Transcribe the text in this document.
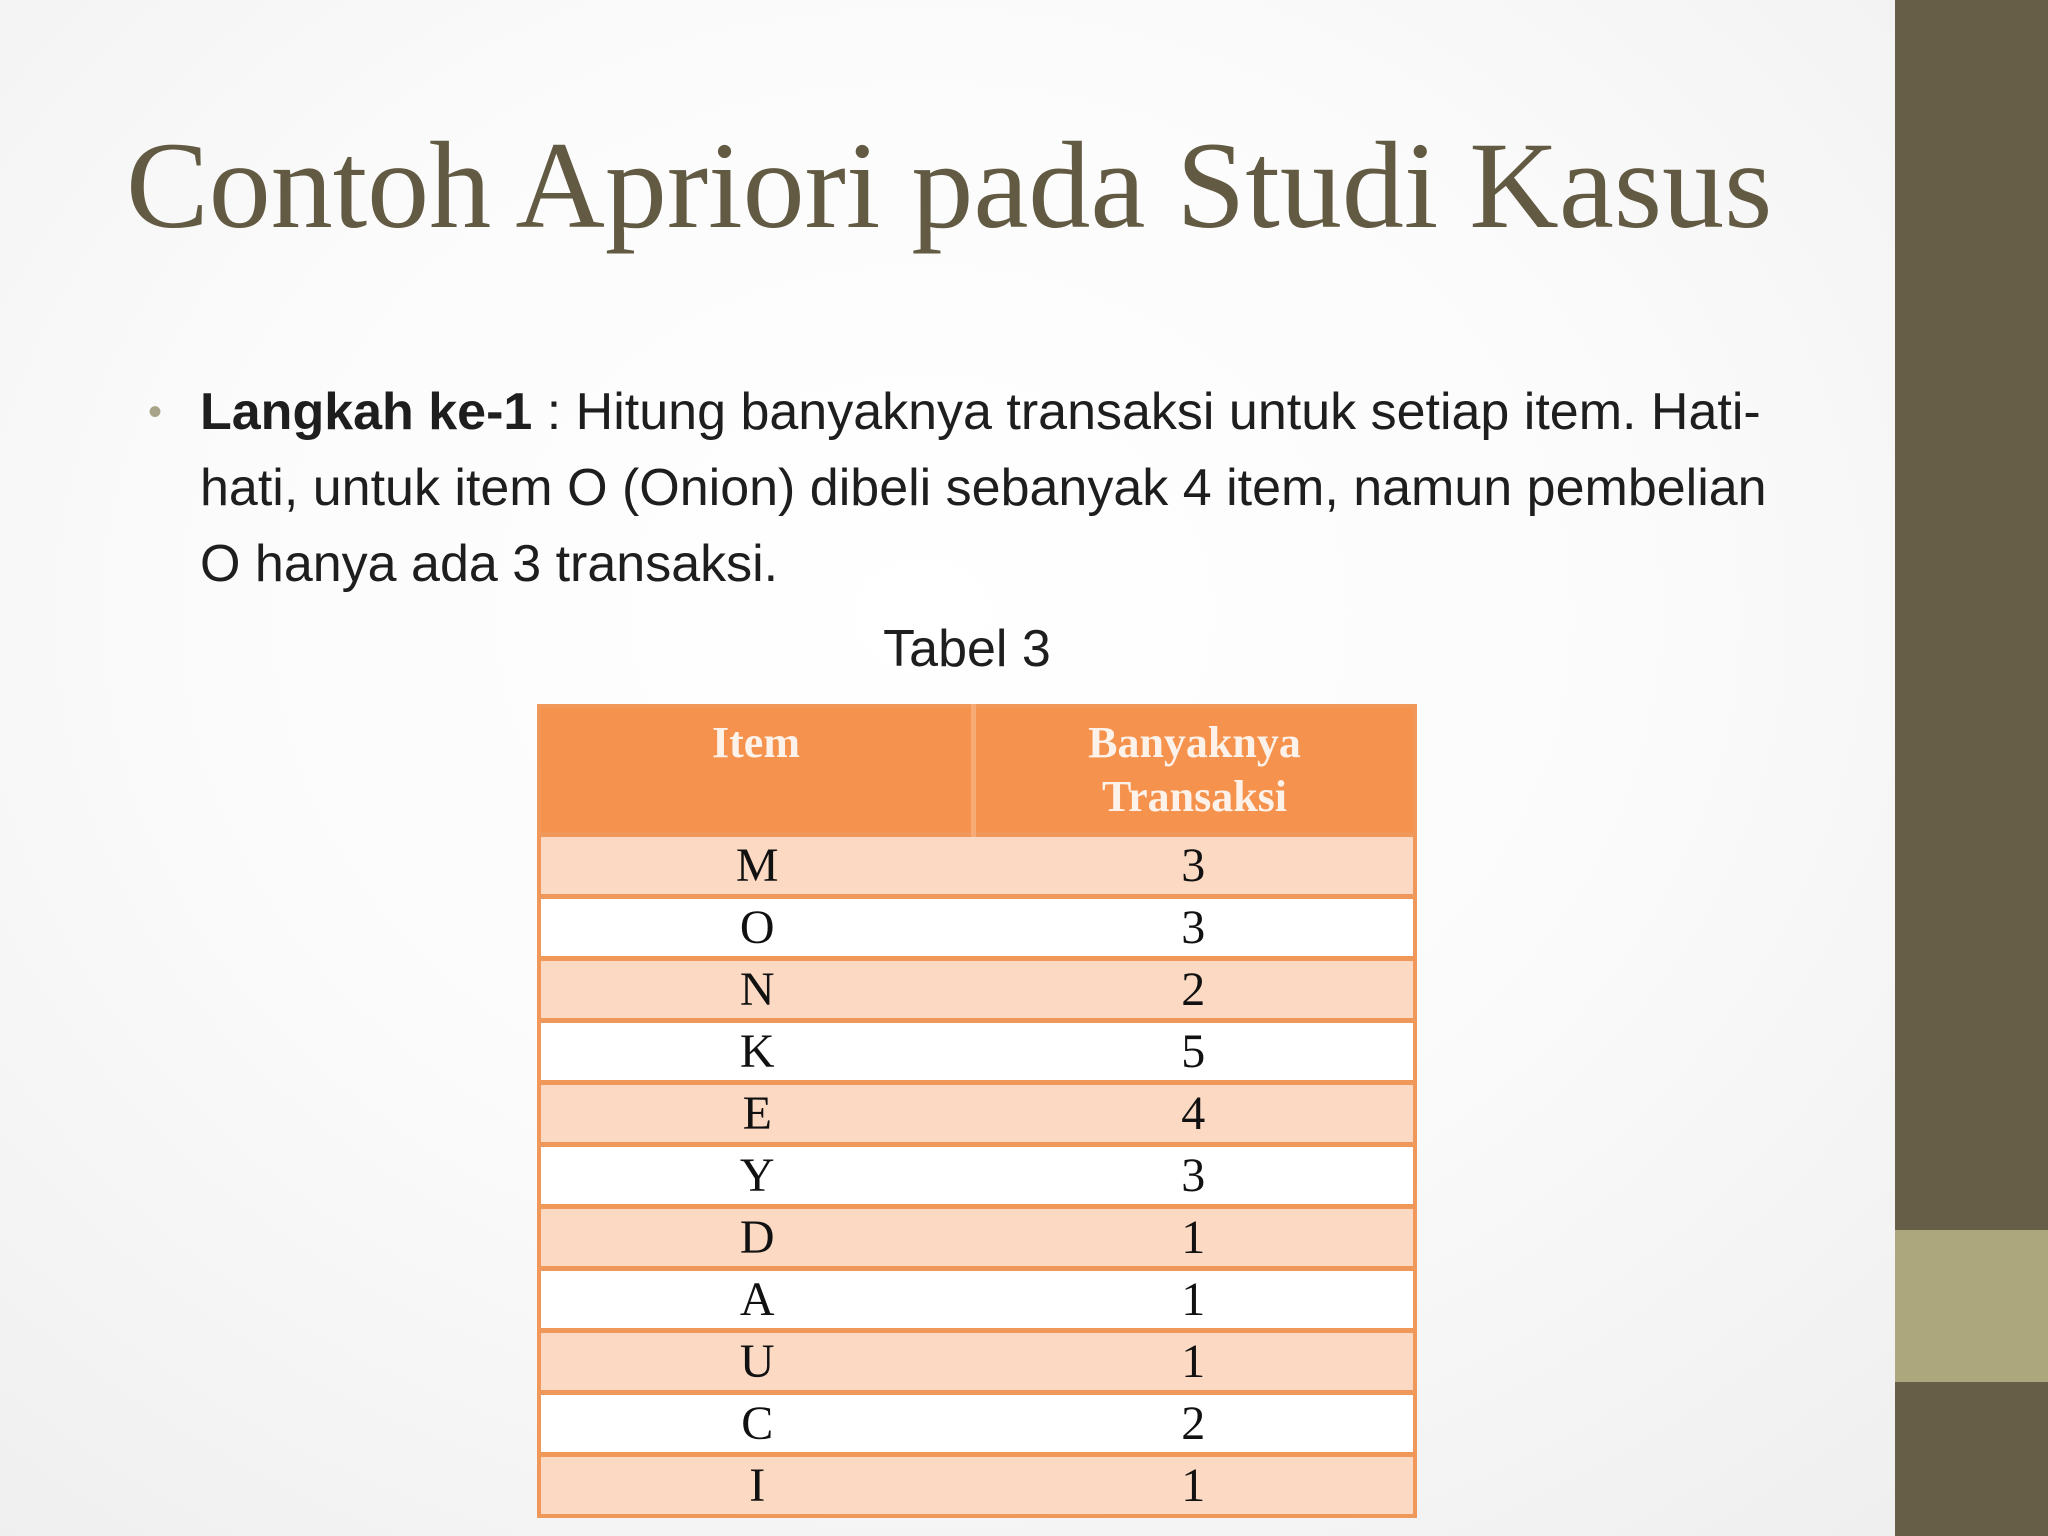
Contoh Apriori pada Studi Kasus
• Langkah ke-1 : Hitung banyaknya transaksi untuk setiap item. Hati-hati, untuk item O (Onion) dibeli sebanyak 4 item, namun pembelian O hanya ada 3 transaksi.
Tabel 3
Item	Banyaknya Transaksi

M	3
O	3
N	2
K	5
E	4
Y	3
D	1
A	1
U	1
C	2
I	1
